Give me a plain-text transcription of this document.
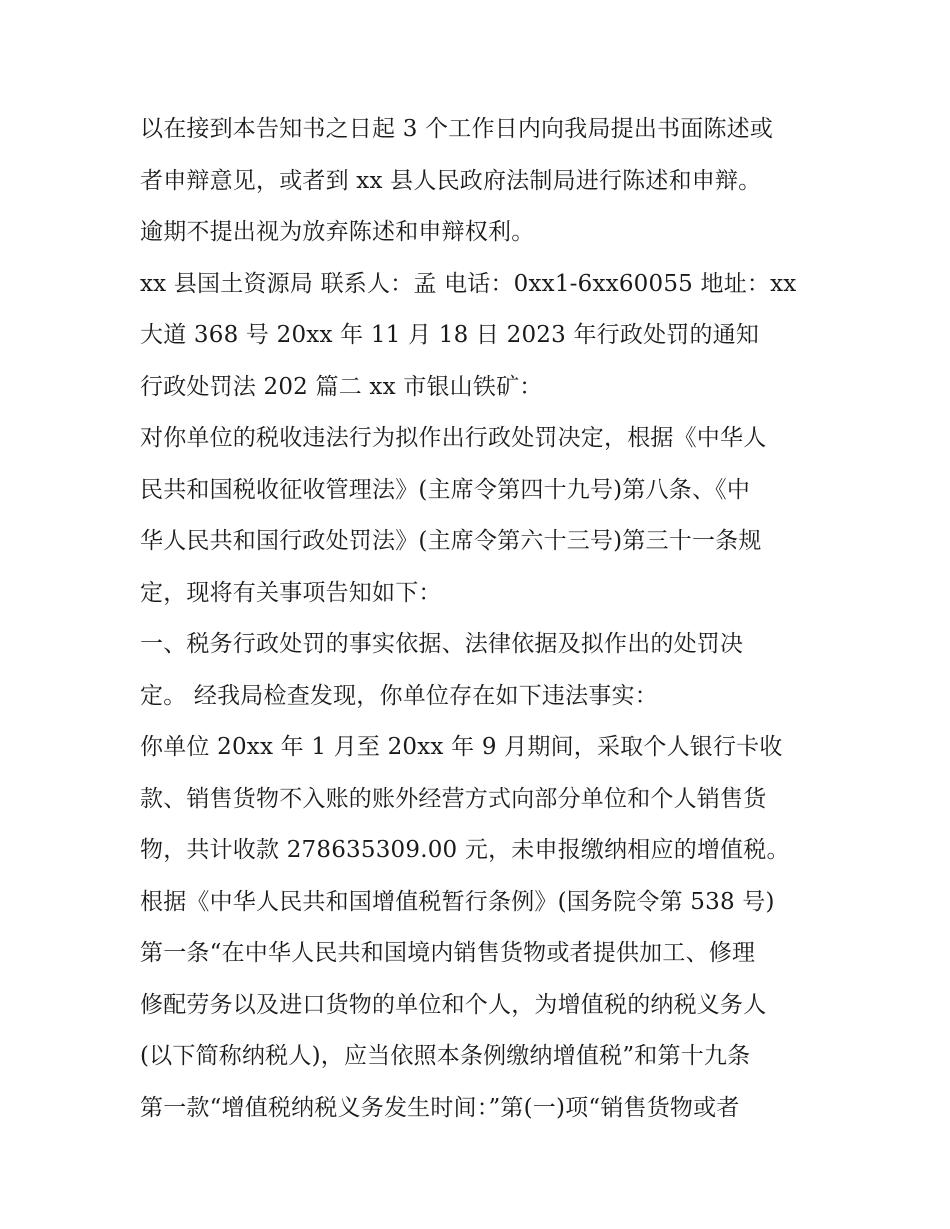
以在接到本告知书之日起 3 个工作日内向我局提出书面陈述或
者申辩意见，或者到 xx 县人民政府法制局进行陈述和申辩。
逾期不提出视为放弃陈述和申辩权利。
xx 县国土资源局 联系人：孟 电话：0xx1-6xx60055 地址：xx
大道 368 号 20xx 年 11 月 18 日 2023 年行政处罚的通知
行政处罚法 202 篇二 xx 市银山铁矿：
对你单位的税收违法行为拟作出行政处罚决定，根据《中华人
民共和国税收征收管理法》(主席令第四十九号)第八条、《中
华人民共和国行政处罚法》(主席令第六十三号)第三十一条规
定，现将有关事项告知如下：
一、税务行政处罚的事实依据、法律依据及拟作出的处罚决
定。 经我局检查发现，你单位存在如下违法事实：
你单位 20xx 年 1 月至 20xx 年 9 月期间，采取个人银行卡收
款、销售货物不入账的账外经营方式向部分单位和个人销售货
物，共计收款 278635309.00 元，未申报缴纳相应的增值税。
根据《中华人民共和国增值税暂行条例》(国务院令第 538 号)
第一条“在中华人民共和国境内销售货物或者提供加工、修理
修配劳务以及进口货物的单位和个人，为增值税的纳税义务人
(以下简称纳税人)，应当依照本条例缴纳增值税”和第十九条
第一款“增值税纳税义务发生时间：”第(一)项“销售货物或者
